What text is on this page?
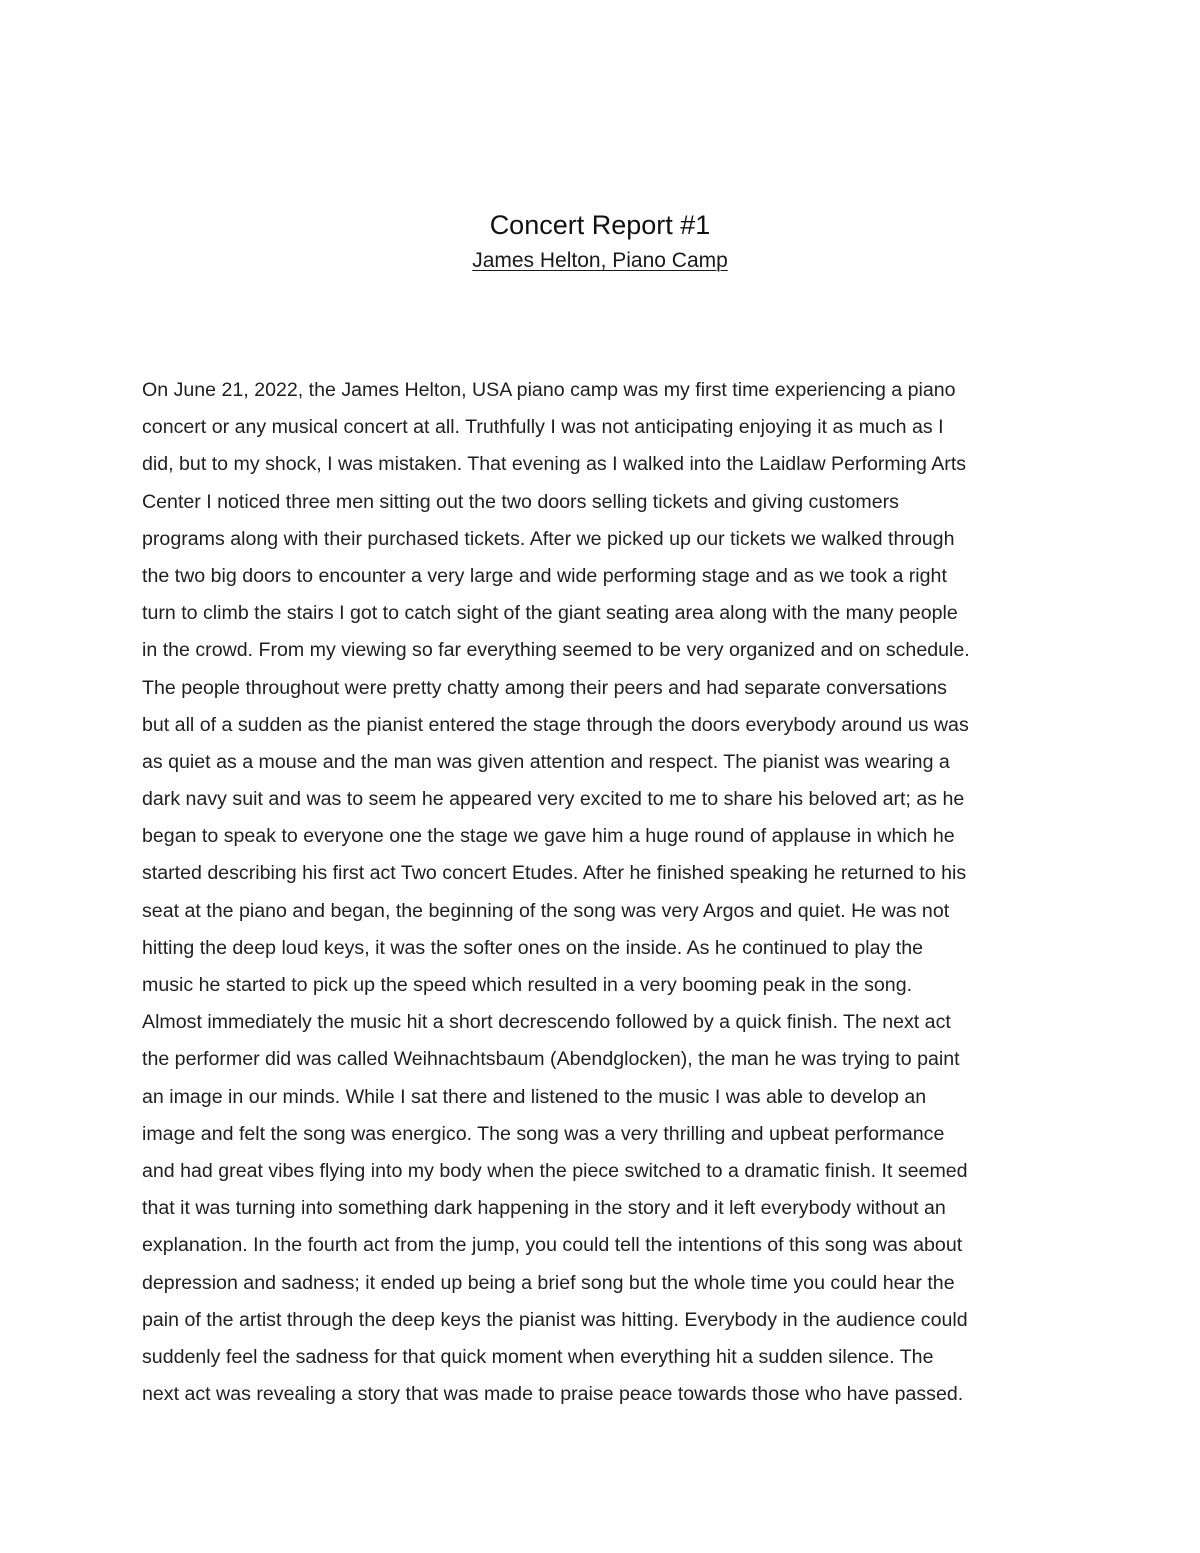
Concert Report #1
James Helton, Piano Camp
On June 21, 2022, the James Helton, USA piano camp was my first time experiencing a piano
concert or any musical concert at all. Truthfully I was not anticipating enjoying it as much as I
did, but to my shock, I was mistaken. That evening as I walked into the Laidlaw Performing Arts
Center I noticed three men sitting out the two doors selling tickets and giving customers
programs along with their purchased tickets. After we picked up our tickets we walked through
the two big doors to encounter a very large and wide performing stage and as we took a right
turn to climb the stairs I got to catch sight of the giant seating area along with the many people
in the crowd. From my viewing so far everything seemed to be very organized and on schedule.
The people throughout were pretty chatty among their peers and had separate conversations
but all of a sudden as the pianist entered the stage through the doors everybody around us was
as quiet as a mouse and the man was given attention and respect. The pianist was wearing a
dark navy suit and was to seem he appeared very excited to me to share his beloved art; as he
began to speak to everyone one the stage we gave him a huge round of applause in which he
started describing his first act Two concert Etudes. After he finished speaking he returned to his
seat at the piano and began, the beginning of the song was very Argos and quiet. He was not
hitting the deep loud keys, it was the softer ones on the inside. As he continued to play the
music he started to pick up the speed which resulted in a very booming peak in the song.
Almost immediately the music hit a short decrescendo followed by a quick finish. The next act
the performer did was called Weihnachtsbaum (Abendglocken), the man he was trying to paint
an image in our minds. While I sat there and listened to the music I was able to develop an
image and felt the song was energico. The song was a very thrilling and upbeat performance
and had great vibes flying into my body when the piece switched to a dramatic finish. It seemed
that it was turning into something dark happening in the story and it left everybody without an
explanation. In the fourth act from the jump, you could tell the intentions of this song was about
depression and sadness; it ended up being a brief song but the whole time you could hear the
pain of the artist through the deep keys the pianist was hitting. Everybody in the audience could
suddenly feel the sadness for that quick moment when everything hit a sudden silence. The
next act was revealing a story that was made to praise peace towards those who have passed.
